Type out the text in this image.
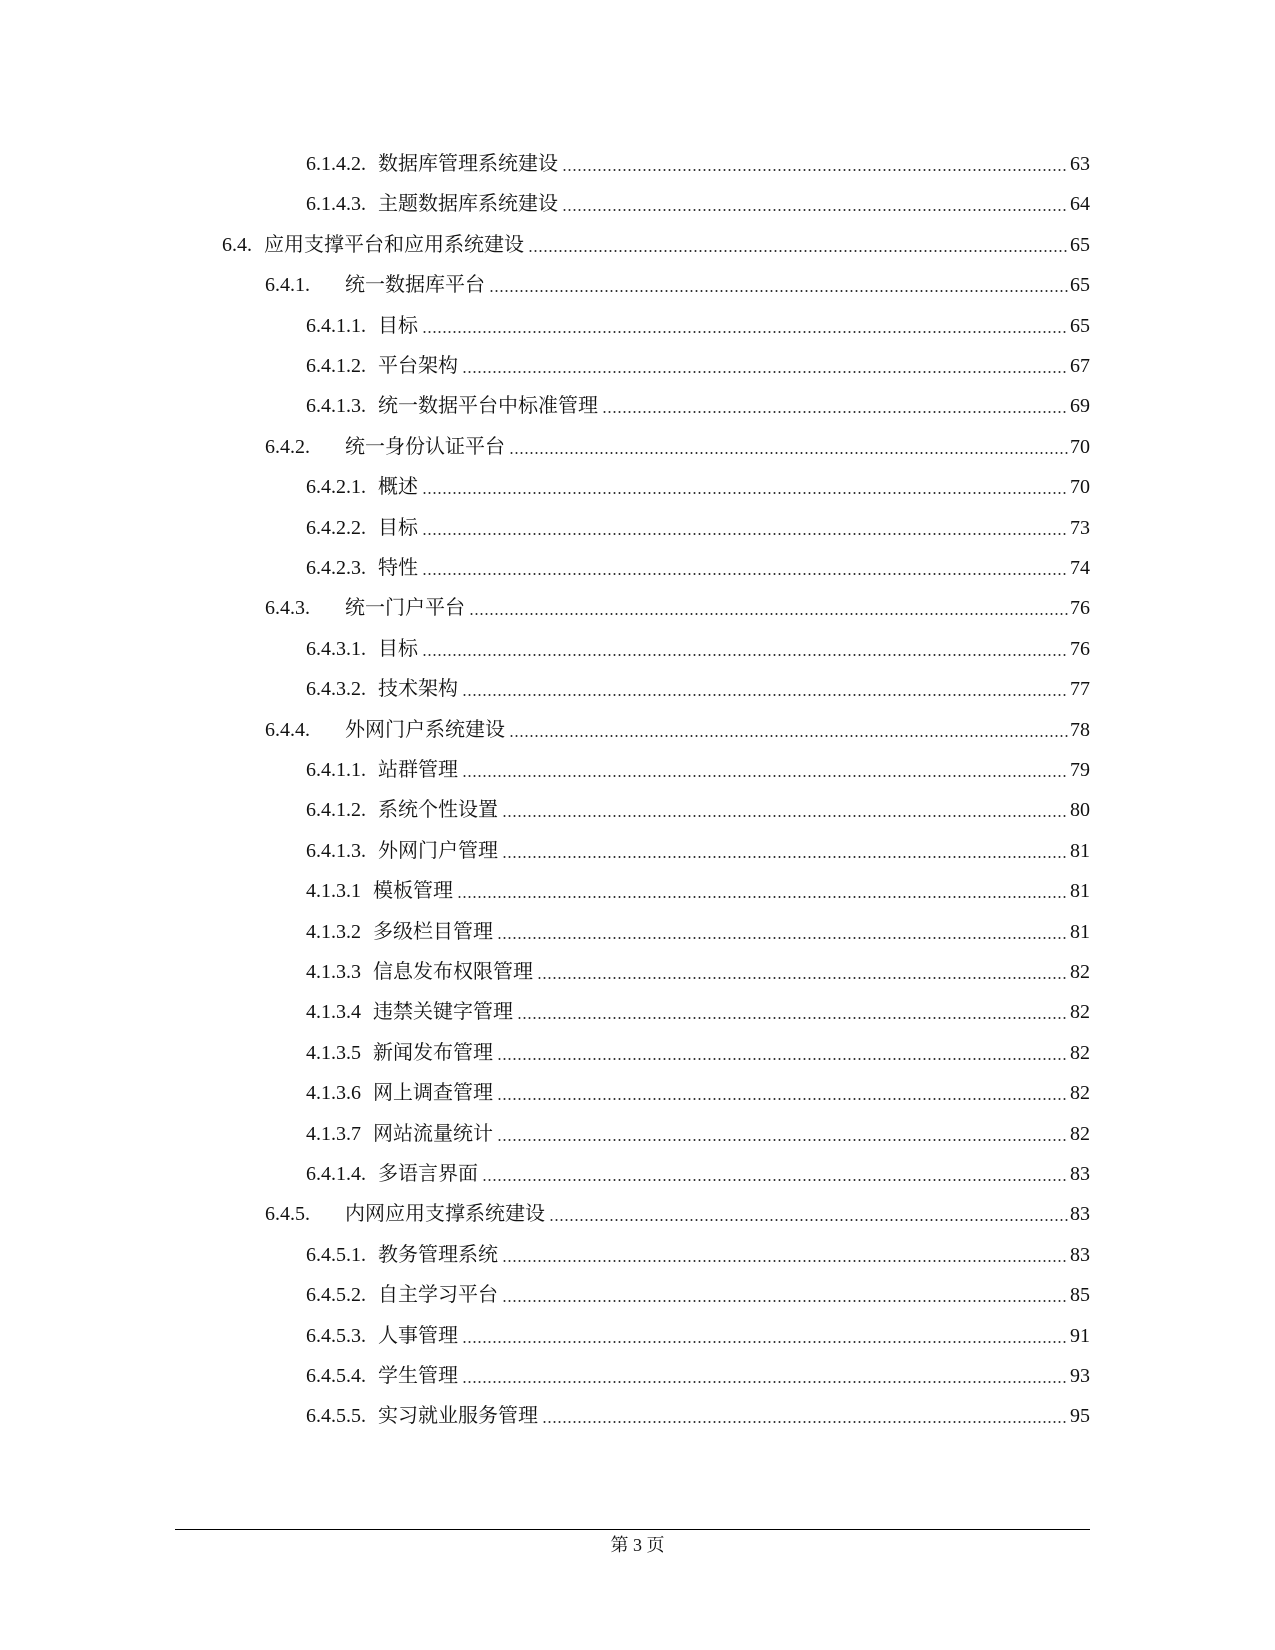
6.1.4.2. 数据库管理系统建设	63
6.1.4.3. 主题数据库系统建设	64
6.4. 应用支撑平台和应用系统建设	65
6.4.1.	统一数据库平台	65
6.4.1.1. 目标	65
6.4.1.2. 平台架构	67
6.4.1.3. 统一数据平台中标准管理	69
6.4.2.	统一身份认证平台	70
6.4.2.1. 概述	70
6.4.2.2. 目标	73
6.4.2.3. 特性	74
6.4.3.	统一门户平台	76
6.4.3.1. 目标	76
6.4.3.2. 技术架构	77
6.4.4.	外网门户系统建设	78
6.4.1.1. 站群管理	79
6.4.1.2. 系统个性设置	80
6.4.1.3. 外网门户管理	81
4.1.3.1 模板管理	81
4.1.3.2 多级栏目管理	81
4.1.3.3 信息发布权限管理	82
4.1.3.4 违禁关键字管理	82
4.1.3.5 新闻发布管理	82
4.1.3.6 网上调查管理	82
4.1.3.7 网站流量统计	82
6.4.1.4. 多语言界面	83
6.4.5.	内网应用支撑系统建设	83
6.4.5.1. 教务管理系统	83
6.4.5.2. 自主学习平台	85
6.4.5.3. 人事管理	91
6.4.5.4. 学生管理	93
6.4.5.5. 实习就业服务管理	95
第 3 页
